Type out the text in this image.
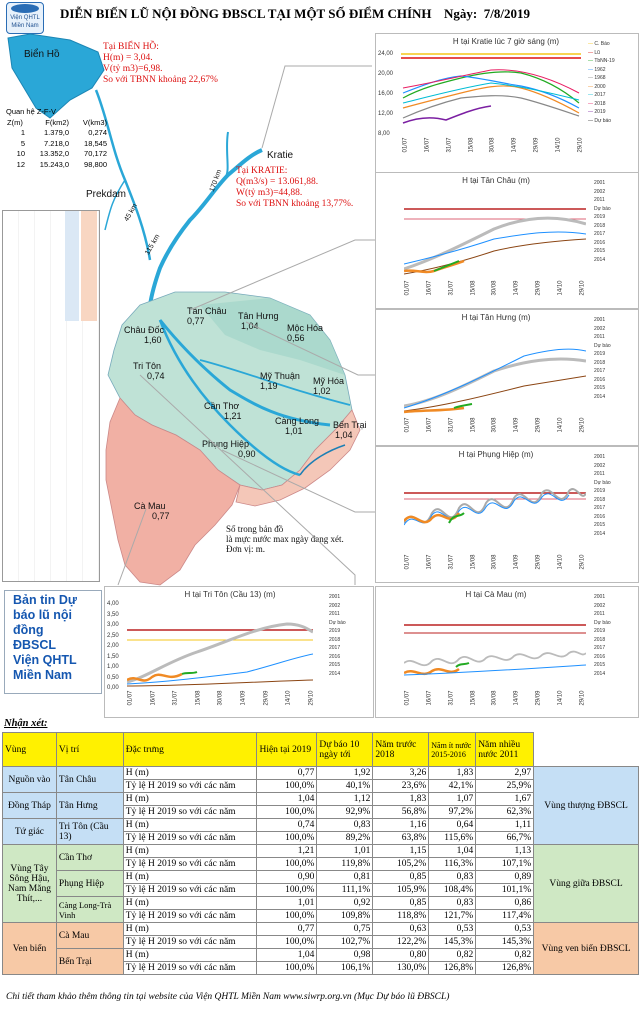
Viện QHTL
Miền Nam
DIỄN BIẾN LŨ NỘI ĐỒNG ĐBSCL TẠI MỘT SỐ ĐIỂM CHÍNH Ngày: 7/8/2019
Prekdam
45 km
115 km
170 km
Biển Hồ
Tại BIỂN HỒ:
H(m) = 3,04.
V(tỷ m3)=6,98.
So với TBNN khoảng 22,67%
Kratie
Tại KRATIE:
Q(m3/s) = 13.061,88.
W(tỷ m3)=44,88.
So với TBNN khoảng 13,77%.
Quan hệ Z-F-V
Z(m)	F(km2)	V(km3)
1	1.379,0	0,274
5	7.218,0	18,545
10	13.352,0	70,172
12	15.243,0	98,800
Tân Châu
0,77	Tân Hưng
1,04	Mộc Hóa
0,56
Châu Đốc
1,60
Tri Tôn
0,74	Mỹ Thuận
1,19	Mỹ Hóa
1,02
Cần Thơ
1,21	Càng Long
1,01
Bến Trại
1,04
Phụng Hiệp
0,90
Cà Mau
0,77
Số trong bản đồ
là mực nước max ngày đang xét.
Đơn vị: m.
H tại Kratie lúc 7 giờ sáng (m)
24,00
20,00
16,00
12,00
8,00
01/07	16/07	31/07	15/08	30/08	14/09	29/09	14/10	29/10
— C. Báo
— Lũ
— TbNN-19
— 1962
— 1968
— 2000
— 2017
— 2018
— 2019
— Dự báo
H tại Tân Châu (m)
01/07	16/07	31/07	15/08	30/08	14/09	29/09	14/10	29/10
2001
2002
2011
Dự báo
2019
2018
2017
2016
2015
2014
H tại Tân Hưng (m)
01/07	16/07	31/07	15/08	30/08	14/09	29/09	14/10	29/10
2001
2002
2011
Dự báo
2019
2018
2017
2016
2015
2014
H tại Phụng Hiệp (m)
01/07	16/07	31/07	15/08	30/08	14/09	29/09	14/10	29/10
2001
2002
2011
Dự báo
2019
2018
2017
2016
2015
2014
Bản tin Dự
báo lũ nội
đồng
ĐBSCL
Viện QHTL
Miền Nam
H tại Tri Tôn (Cầu 13) (m)
4,00
3,50
3,00
2,50
2,00
1,50
1,00
0,50
0,00
01/07	16/07	31/07	15/08	30/08	14/09	29/09	14/10	29/10
2001
2002
2011
Dự báo
2019
2018
2017
2016
2015
2014
H tại Cà Mau (m)
01/07	16/07	31/07	15/08	30/08	14/09	29/09	14/10	29/10
2001
2002
2011
Dự báo
2019
2018
2017
2016
2015
2014
Nhận xét:
Vùng	Vị trí	Đặc trưng	Hiện tại 2019	Dự báo 10 ngày tới	Năm trước 2018	Năm ít nước 2015-2016	Năm nhiều nước 2011	
Nguồn vào	Tân Châu	H (m)	0,77	1,92	3,26	1,83	2,97	Vùng thượng ĐBSCL
		Tỷ lệ H 2019 so với các năm	100,0%	40,1%	23,6%	42,1%	25,9%	
Đồng Tháp	Tân Hưng	H (m)	1,04	1,12	1,83	1,07	1,67	
		Tỷ lệ H 2019 so với các năm	100,0%	92,9%	56,8%	97,2%	62,3%	
Tứ giác	Tri Tôn (Cầu 13)	H (m)	0,74	0,83	1,16	0,64	1,11	
		Tỷ lệ H 2019 so với các năm	100,0%	89,2%	63,8%	115,6%	66,7%	
Vùng Tây Sông Hậu, Nam Măng Thít,...	Cần Thơ	H (m)	1,21	1,01	1,15	1,04	1,13	Vùng giữa ĐBSCL
		Tỷ lệ H 2019 so với các năm	100,0%	119,8%	105,2%	116,3%	107,1%	
	Phụng Hiệp	H (m)	0,90	0,81	0,85	0,83	0,89	
		Tỷ lệ H 2019 so với các năm	100,0%	111,1%	105,9%	108,4%	101,1%	
	Càng Long-Trà Vinh	H (m)	1,01	0,92	0,85	0,83	0,86	
		Tỷ lệ H 2019 so với các năm	100,0%	109,8%	118,8%	121,7%	117,4%	
Ven biển	Cà Mau	H (m)	0,77	0,75	0,63	0,53	0,53	Vùng ven biển ĐBSCL
		Tỷ lệ H 2019 so với các năm	100,0%	102,7%	122,2%	145,3%	145,3%	
	Bến Trại	H (m)	1,04	0,98	0,80	0,82	0,82	
		Tỷ lệ H 2019 so với các năm	100,0%	106,1%	130,0%	126,8%	126,8%	
Chi tiết tham khảo thêm thông tin tại website của Viện QHTL Miền Nam www.siwrp.org.vn (Mục Dự báo lũ ĐBSCL)
